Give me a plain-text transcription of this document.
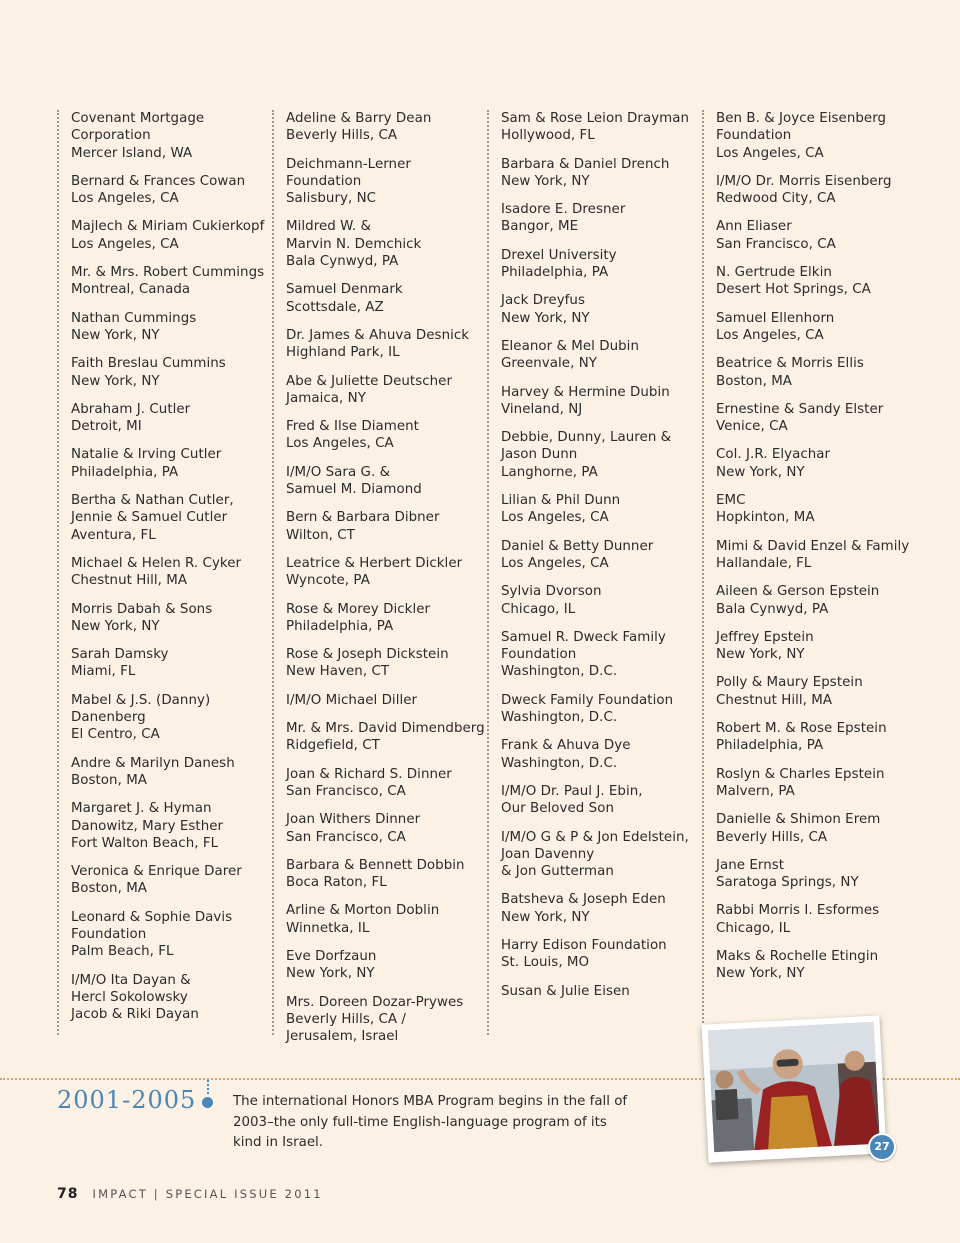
Covenant Mortgage
Corporation
Mercer Island, WA
Bernard & Frances Cowan
Los Angeles, CA
Majlech & Miriam Cukierkopf
Los Angeles, CA
Mr. & Mrs. Robert Cummings
Montreal, Canada
Nathan Cummings
New York, NY
Faith Breslau Cummins
New York, NY
Abraham J. Cutler
Detroit, MI
Natalie & Irving Cutler
Philadelphia, PA
Bertha & Nathan Cutler,
Jennie & Samuel Cutler
Aventura, FL
Michael & Helen R. Cyker
Chestnut Hill, MA
Morris Dabah & Sons
New York, NY
Sarah Damsky
Miami, FL
Mabel & J.S. (Danny)
Danenberg
El Centro, CA
Andre & Marilyn Danesh
Boston, MA
Margaret J. & Hyman
Danowitz, Mary Esther
Fort Walton Beach, FL
Veronica & Enrique Darer
Boston, MA
Leonard & Sophie Davis
Foundation
Palm Beach, FL
I/M/O Ita Dayan &
Hercl Sokolowsky
Jacob & Riki Dayan
Adeline & Barry Dean
Beverly Hills, CA
Deichmann-Lerner
Foundation
Salisbury, NC
Mildred W. &
Marvin N. Demchick
Bala Cynwyd, PA
Samuel Denmark
Scottsdale, AZ
Dr. James & Ahuva Desnick
Highland Park, IL
Abe & Juliette Deutscher
Jamaica, NY
Fred & Ilse Diament
Los Angeles, CA
I/M/O Sara G. &
Samuel M. Diamond
Bern & Barbara Dibner
Wilton, CT
Leatrice & Herbert Dickler
Wyncote, PA
Rose & Morey Dickler
Philadelphia, PA
Rose & Joseph Dickstein
New Haven, CT
I/M/O Michael Diller
Mr. & Mrs. David Dimendberg
Ridgefield, CT
Joan & Richard S. Dinner
San Francisco, CA
Joan Withers Dinner
San Francisco, CA
Barbara & Bennett Dobbin
Boca Raton, FL
Arline & Morton Doblin
Winnetka, IL
Eve Dorfzaun
New York, NY
Mrs. Doreen Dozar-Prywes
Beverly Hills, CA /
Jerusalem, Israel
Sam & Rose Leion Drayman
Hollywood, FL
Barbara & Daniel Drench
New York, NY
Isadore E. Dresner
Bangor, ME
Drexel University
Philadelphia, PA
Jack Dreyfus
New York, NY
Eleanor & Mel Dubin
Greenvale, NY
Harvey & Hermine Dubin
Vineland, NJ
Debbie, Dunny, Lauren &
Jason Dunn
Langhorne, PA
Lilian & Phil Dunn
Los Angeles, CA
Daniel & Betty Dunner
Los Angeles, CA
Sylvia Dvorson
Chicago, IL
Samuel R. Dweck Family
Foundation
Washington, D.C.
Dweck Family Foundation
Washington, D.C.
Frank & Ahuva Dye
Washington, D.C.
I/M/O Dr. Paul J. Ebin,
Our Beloved Son
I/M/O G & P & Jon Edelstein,
Joan Davenny
& Jon Gutterman
Batsheva & Joseph Eden
New York, NY
Harry Edison Foundation
St. Louis, MO
Susan & Julie Eisen
Ben B. & Joyce Eisenberg
Foundation
Los Angeles, CA
I/M/O Dr. Morris Eisenberg
Redwood City, CA
Ann Eliaser
San Francisco, CA
N. Gertrude Elkin
Desert Hot Springs, CA
Samuel Ellenhorn
Los Angeles, CA
Beatrice & Morris Ellis
Boston, MA
Ernestine & Sandy Elster
Venice, CA
Col. J.R. Elyachar
New York, NY
EMC
Hopkinton, MA
Mimi & David Enzel & Family
Hallandale, FL
Aileen & Gerson Epstein
Bala Cynwyd, PA
Jeffrey Epstein
New York, NY
Polly & Maury Epstein
Chestnut Hill, MA
Robert M. & Rose Epstein
Philadelphia, PA
Roslyn & Charles Epstein
Malvern, PA
Danielle & Shimon Erem
Beverly Hills, CA
Jane Ernst
Saratoga Springs, NY
Rabbi Morris I. Esformes
Chicago, IL
Maks & Rochelle Etingin
New York, NY
2001-2005	The international Honors MBA Program begins in the fall of 2003–the only full-time English-language program of its kind in Israel.	27
78 IMPACT | SPECIAL ISSUE 2011
